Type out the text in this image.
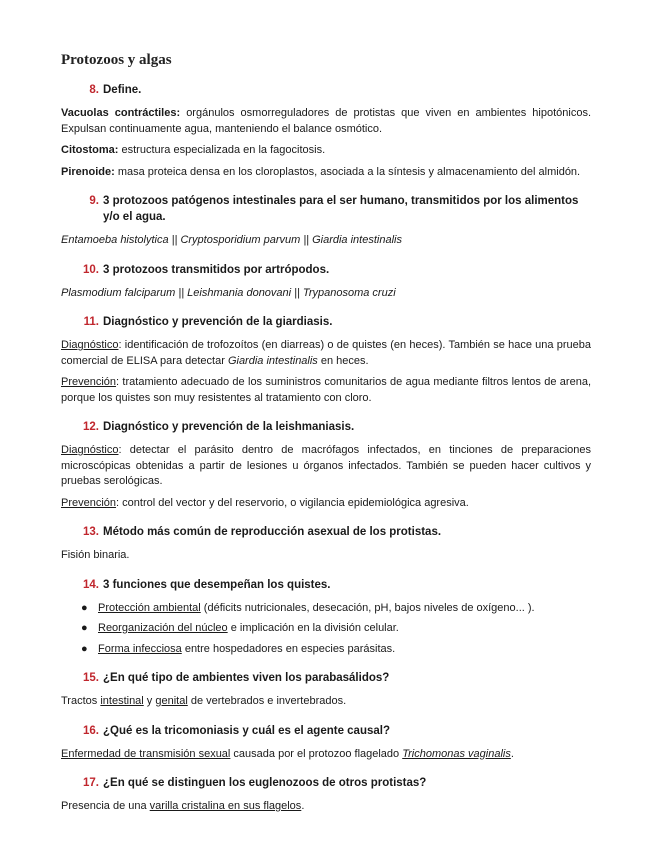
Protozoos y algas
8. Define.
Vacuolas contráctiles: orgánulos osmorreguladores de protistas que viven en ambientes hipotónicos. Expulsan continuamente agua, manteniendo el balance osmótico.
Citostoma: estructura especializada en la fagocitosis.
Pirenoide: masa proteica densa en los cloroplastos, asociada a la síntesis y almacenamiento del almidón.
9. 3 protozoos patógenos intestinales para el ser humano, transmitidos por los alimentos y/o el agua.
Entamoeba histolytica || Cryptosporidium parvum || Giardia intestinalis
10. 3 protozoos transmitidos por artrópodos.
Plasmodium falciparum || Leishmania donovani || Trypanosoma cruzi
11. Diagnóstico y prevención de la giardiasis.
Diagnóstico: identificación de trofozoítos (en diarreas) o de quistes (en heces). También se hace una prueba comercial de ELISA para detectar Giardia intestinalis en heces.
Prevención: tratamiento adecuado de los suministros comunitarios de agua mediante filtros lentos de arena, porque los quistes son muy resistentes al tratamiento con cloro.
12. Diagnóstico y prevención de la leishmaniasis.
Diagnóstico: detectar el parásito dentro de macrófagos infectados, en tinciones de preparaciones microscópicas obtenidas a partir de lesiones u órganos infectados. También se pueden hacer cultivos y pruebas serológicas.
Prevención: control del vector y del reservorio, o vigilancia epidemiológica agresiva.
13. Método más común de reproducción asexual de los protistas.
Fisión binaria.
14. 3 funciones que desempeñan los quistes.
● Protección ambiental (déficits nutricionales, desecación, pH, bajos niveles de oxígeno... ).
● Reorganización del núcleo e implicación en la división celular.
● Forma infecciosa entre hospedadores en especies parásitas.
15. ¿En qué tipo de ambientes viven los parabasálidos?
Tractos intestinal y genital de vertebrados e invertebrados.
16. ¿Qué es la tricomoniasis y cuál es el agente causal?
Enfermedad de transmisión sexual causada por el protozoo flagelado Trichomonas vaginalis.
17. ¿En qué se distinguen los euglenozoos de otros protistas?
Presencia de una varilla cristalina en sus flagelos.
